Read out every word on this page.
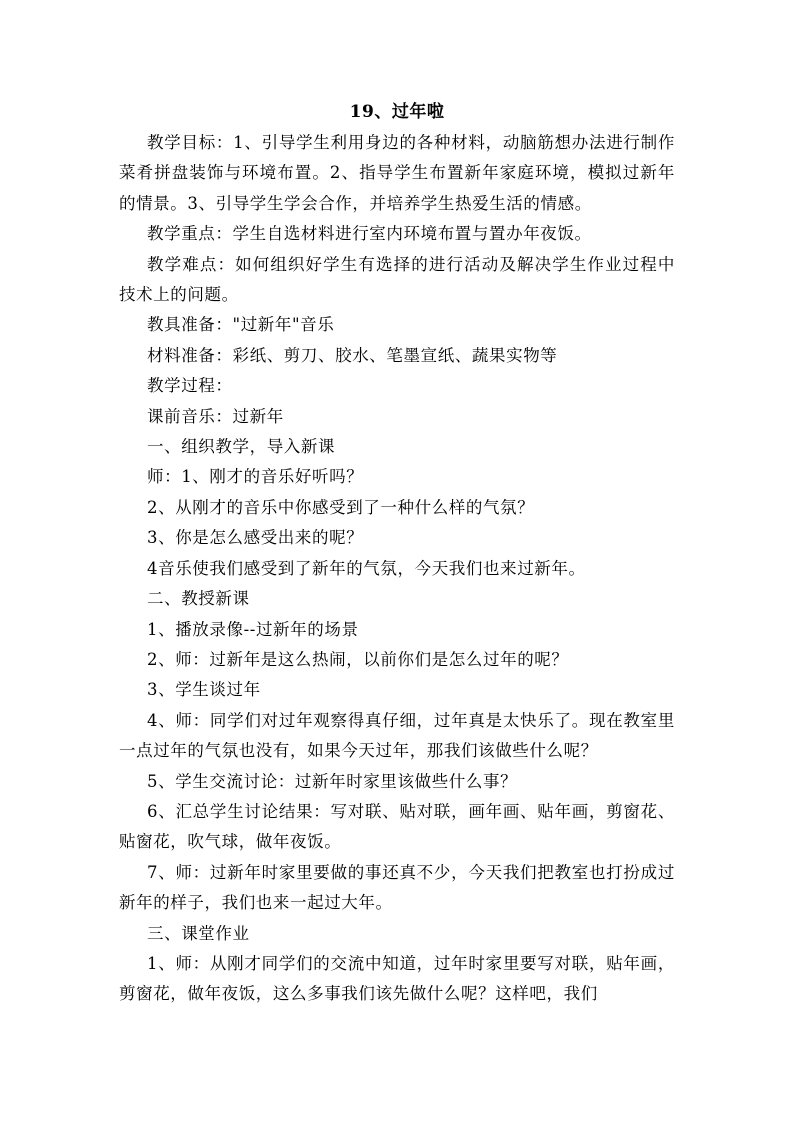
19、过年啦

教学目标：1、引导学生利用身边的各种材料，动脑筋想办法进行制作菜肴拼盘装饰与环境布置。2、指导学生布置新年家庭环境，模拟过新年的情景。3、引导学生学会合作，并培养学生热爱生活的情感。

教学重点：学生自选材料进行室内环境布置与置办年夜饭。

教学难点：如何组织好学生有选择的进行活动及解决学生作业过程中技术上的问题。

教具准备："过新年"音乐

材料准备：彩纸、剪刀、胶水、笔墨宣纸、蔬果实物等

教学过程：

课前音乐：过新年

一、组织教学，导入新课

师：1、刚才的音乐好听吗？

2、从刚才的音乐中你感受到了一种什么样的气氛？

3、你是怎么感受出来的呢？

4音乐使我们感受到了新年的气氛，今天我们也来过新年。

二、教授新课

1、播放录像--过新年的场景

2、师：过新年是这么热闹，以前你们是怎么过年的呢？

3、学生谈过年

4、师：同学们对过年观察得真仔细，过年真是太快乐了。现在教室里一点过年的气氛也没有，如果今天过年，那我们该做些什么呢？

5、学生交流讨论：过新年时家里该做些什么事？

6、汇总学生讨论结果：写对联、贴对联，画年画、贴年画，剪窗花、贴窗花，吹气球，做年夜饭。

7、师：过新年时家里要做的事还真不少，今天我们把教室也打扮成过新年的样子，我们也来一起过大年。

三、课堂作业

1、师：从刚才同学们的交流中知道，过年时家里要写对联，贴年画，剪窗花，做年夜饭，这么多事我们该先做什么呢？这样吧，我们
